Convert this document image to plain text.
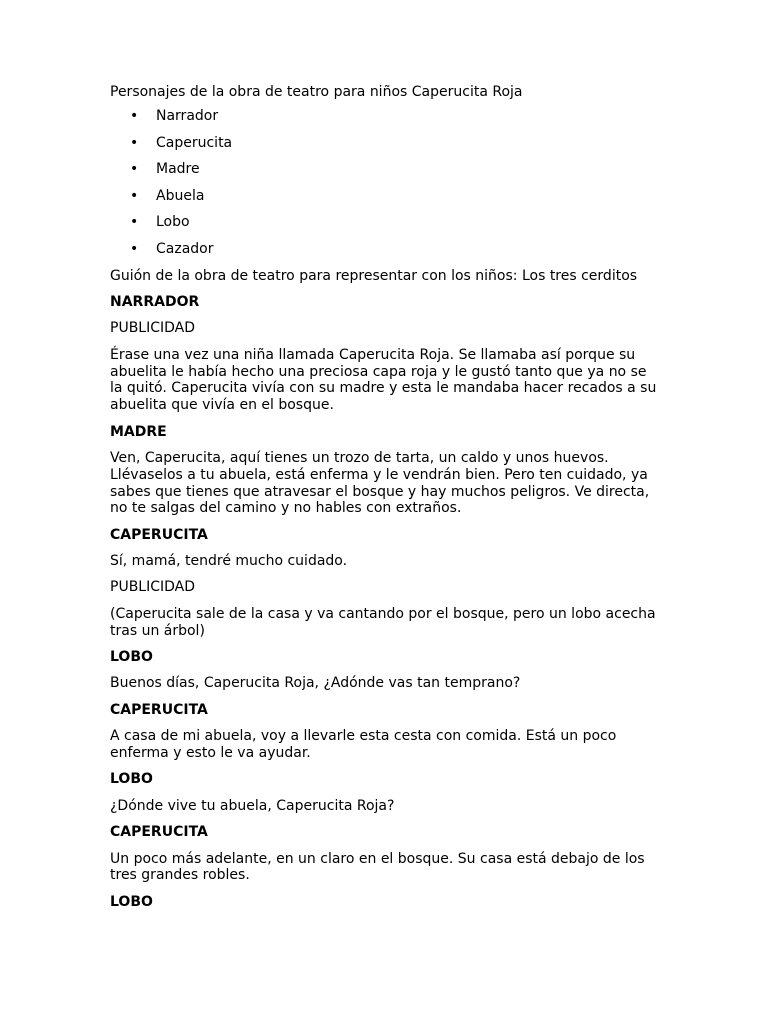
Personajes de la obra de teatro para niños Caperucita Roja

• Narrador
• Caperucita
• Madre
• Abuela
• Lobo
• Cazador

Guión de la obra de teatro para representar con los niños: Los tres cerditos

NARRADOR

PUBLICIDAD

Érase una vez una niña llamada Caperucita Roja. Se llamaba así porque su abuelita le había hecho una preciosa capa roja y le gustó tanto que ya no se la quitó. Caperucita vivía con su madre y esta le mandaba hacer recados a su abuelita que vivía en el bosque.

MADRE

Ven, Caperucita, aquí tienes un trozo de tarta, un caldo y unos huevos. Llévaselos a tu abuela, está enferma y le vendrán bien. Pero ten cuidado, ya sabes que tienes que atravesar el bosque y hay muchos peligros. Ve directa, no te salgas del camino y no hables con extraños.

CAPERUCITA

Sí, mamá, tendré mucho cuidado.

PUBLICIDAD

(Caperucita sale de la casa y va cantando por el bosque, pero un lobo acecha tras un árbol)

LOBO

Buenos días, Caperucita Roja, ¿Adónde vas tan temprano?

CAPERUCITA

A casa de mi abuela, voy a llevarle esta cesta con comida. Está un poco enferma y esto le va ayudar.

LOBO

¿Dónde vive tu abuela, Caperucita Roja?

CAPERUCITA

Un poco más adelante, en un claro en el bosque. Su casa está debajo de los tres grandes robles.

LOBO
